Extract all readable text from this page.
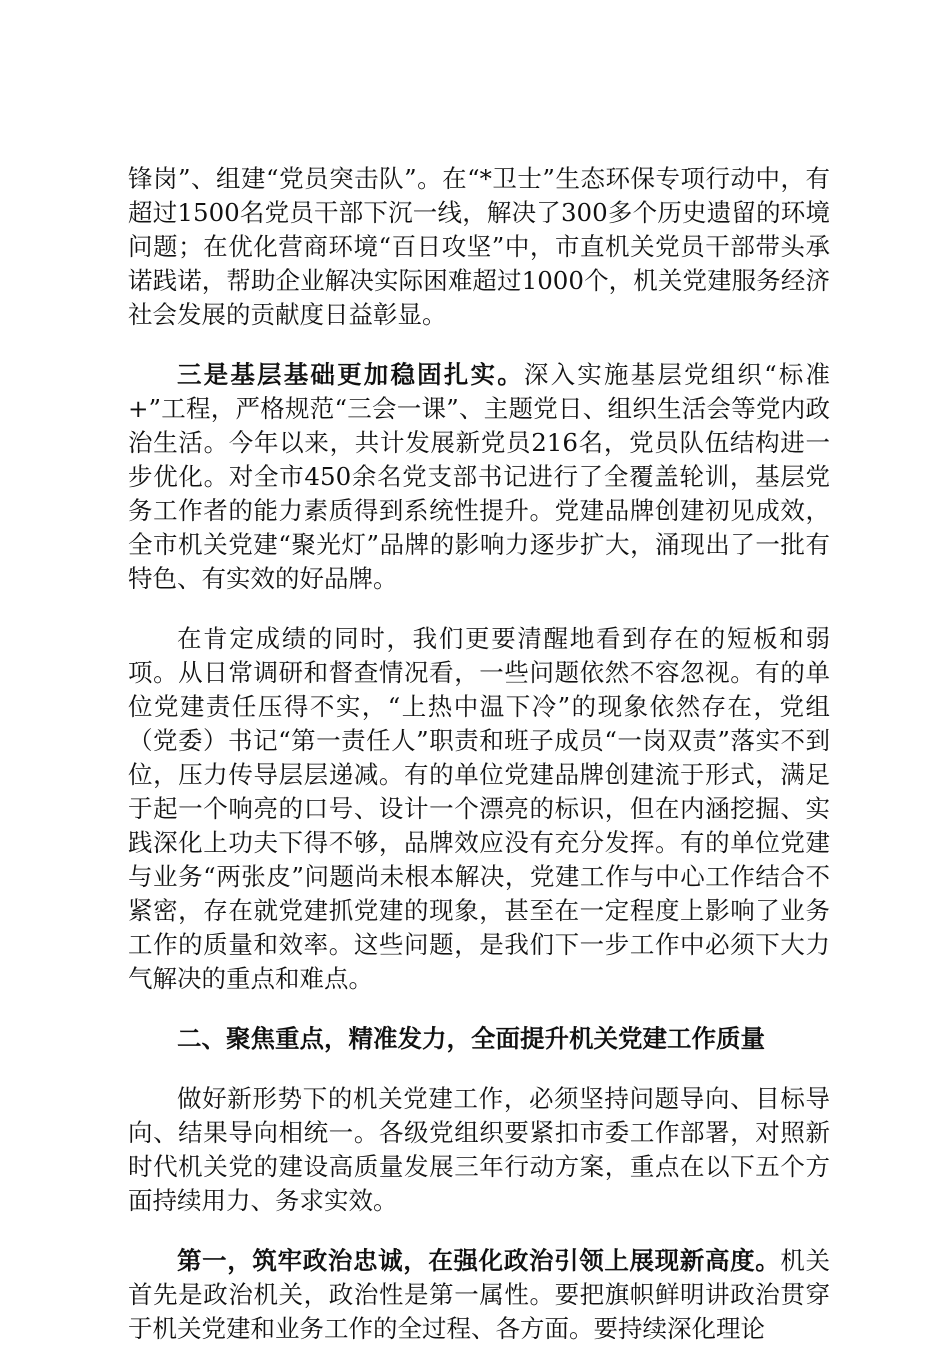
锋岗”、组建“党员突击队”。在“*卫士”生态环保专项行动中，有超过1500名党员干部下沉一线，解决了300多个历史遗留的环境问题；在优化营商环境“百日攻坚”中，市直机关党员干部带头承诺践诺，帮助企业解决实际困难超过1000个，机关党建服务经济社会发展的贡献度日益彰显。

三是基层基础更加稳固扎实。深入实施基层党组织“标准+”工程，严格规范“三会一课”、主题党日、组织生活会等党内政治生活。今年以来，共计发展新党员216名，党员队伍结构进一步优化。对全市450余名党支部书记进行了全覆盖轮训，基层党务工作者的能力素质得到系统性提升。党建品牌创建初见成效，全市机关党建“聚光灯”品牌的影响力逐步扩大，涌现出了一批有特色、有实效的好品牌。

在肯定成绩的同时，我们更要清醒地看到存在的短板和弱项。从日常调研和督查情况看，一些问题依然不容忽视。有的单位党建责任压得不实，“上热中温下冷”的现象依然存在，党组（党委）书记“第一责任人”职责和班子成员“一岗双责”落实不到位，压力传导层层递减。有的单位党建品牌创建流于形式，满足于起一个响亮的口号、设计一个漂亮的标识，但在内涵挖掘、实践深化上功夫下得不够，品牌效应没有充分发挥。有的单位党建与业务“两张皮”问题尚未根本解决，党建工作与中心工作结合不紧密，存在就党建抓党建的现象，甚至在一定程度上影响了业务工作的质量和效率。这些问题，是我们下一步工作中必须下大力气解决的重点和难点。

二、聚焦重点，精准发力，全面提升机关党建工作质量

做好新形势下的机关党建工作，必须坚持问题导向、目标导向、结果导向相统一。各级党组织要紧扣市委工作部署，对照新时代机关党的建设高质量发展三年行动方案，重点在以下五个方面持续用力、务求实效。

第一，筑牢政治忠诚，在强化政治引领上展现新高度。机关首先是政治机关，政治性是第一属性。要把旗帜鲜明讲政治贯穿于机关党建和业务工作的全过程、各方面。要持续深化理论
